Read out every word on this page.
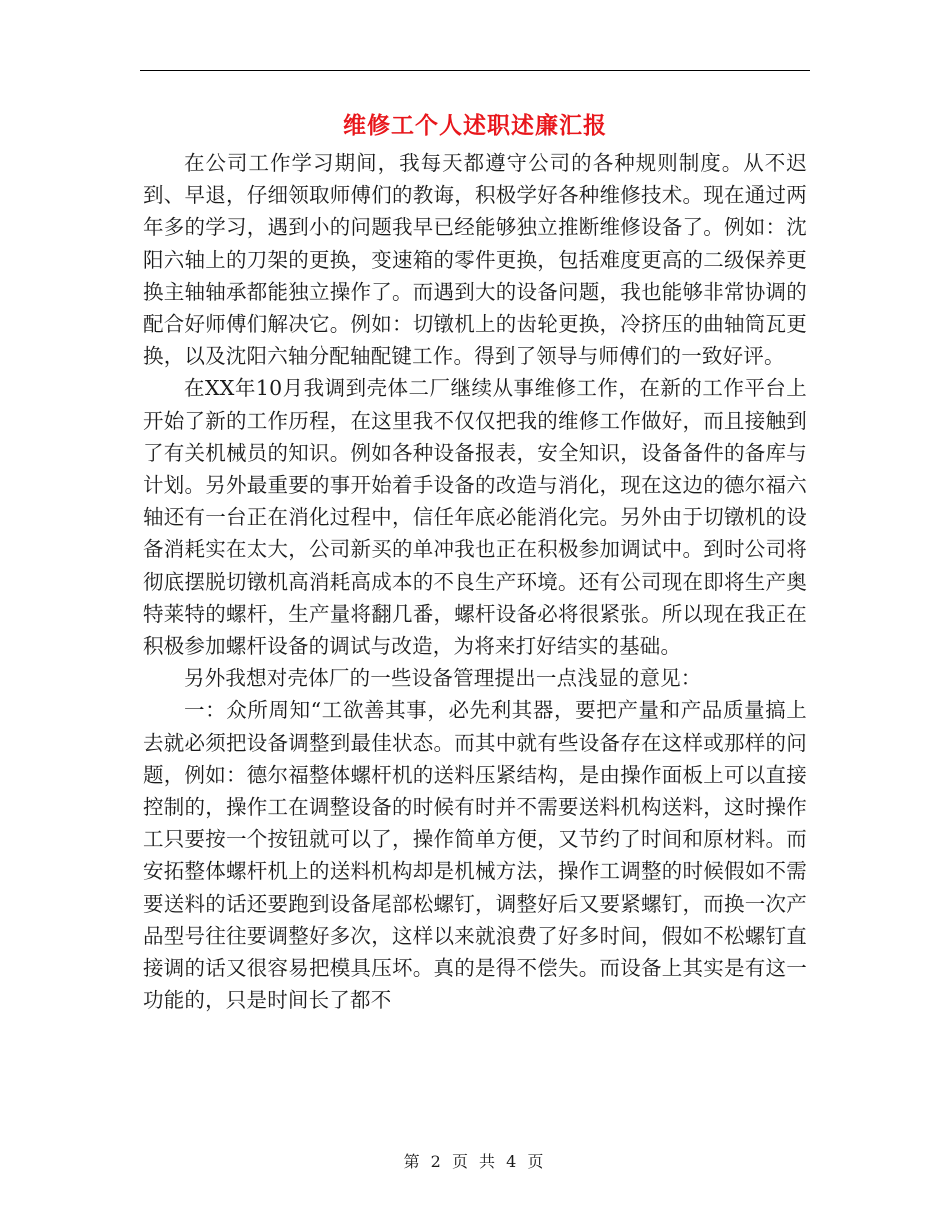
维修工个人述职述廉汇报

在公司工作学习期间，我每天都遵守公司的各种规则制度。从不迟到、早退，仔细领取师傅们的教诲，积极学好各种维修技术。现在通过两年多的学习，遇到小的问题我早已经能够独立推断维修设备了。例如：沈阳六轴上的刀架的更换，变速箱的零件更换，包括难度更高的二级保养更换主轴轴承都能独立操作了。而遇到大的设备问题，我也能够非常协调的配合好师傅们解决它。例如：切镦机上的齿轮更换，冷挤压的曲轴筒瓦更换，以及沈阳六轴分配轴配键工作。得到了领导与师傅们的一致好评。

在XX年10月我调到壳体二厂继续从事维修工作，在新的工作平台上开始了新的工作历程，在这里我不仅仅把我的维修工作做好，而且接触到了有关机械员的知识。例如各种设备报表，安全知识，设备备件的备库与计划。另外最重要的事开始着手设备的改造与消化，现在这边的德尔福六轴还有一台正在消化过程中，信任年底必能消化完。另外由于切镦机的设备消耗实在太大，公司新买的单冲我也正在积极参加调试中。到时公司将彻底摆脱切镦机高消耗高成本的不良生产环境。还有公司现在即将生产奥特莱特的螺杆，生产量将翻几番，螺杆设备必将很紧张。所以现在我正在积极参加螺杆设备的调试与改造，为将来打好结实的基础。

另外我想对壳体厂的一些设备管理提出一点浅显的意见：

一：众所周知“工欲善其事，必先利其器，要把产量和产品质量搞上去就必须把设备调整到最佳状态。而其中就有些设备存在这样或那样的问题，例如：德尔福整体螺杆机的送料压紧结构，是由操作面板上可以直接控制的，操作工在调整设备的时候有时并不需要送料机构送料，这时操作工只要按一个按钮就可以了，操作简单方便，又节约了时间和原材料。而安拓整体螺杆机上的送料机构却是机械方法，操作工调整的时候假如不需要送料的话还要跑到设备尾部松螺钉，调整好后又要紧螺钉，而换一次产品型号往往要调整好多次，这样以来就浪费了好多时间，假如不松螺钉直接调的话又很容易把模具压坏。真的是得不偿失。而设备上其实是有这一功能的，只是时间长了都不

第 2 页 共 4 页
